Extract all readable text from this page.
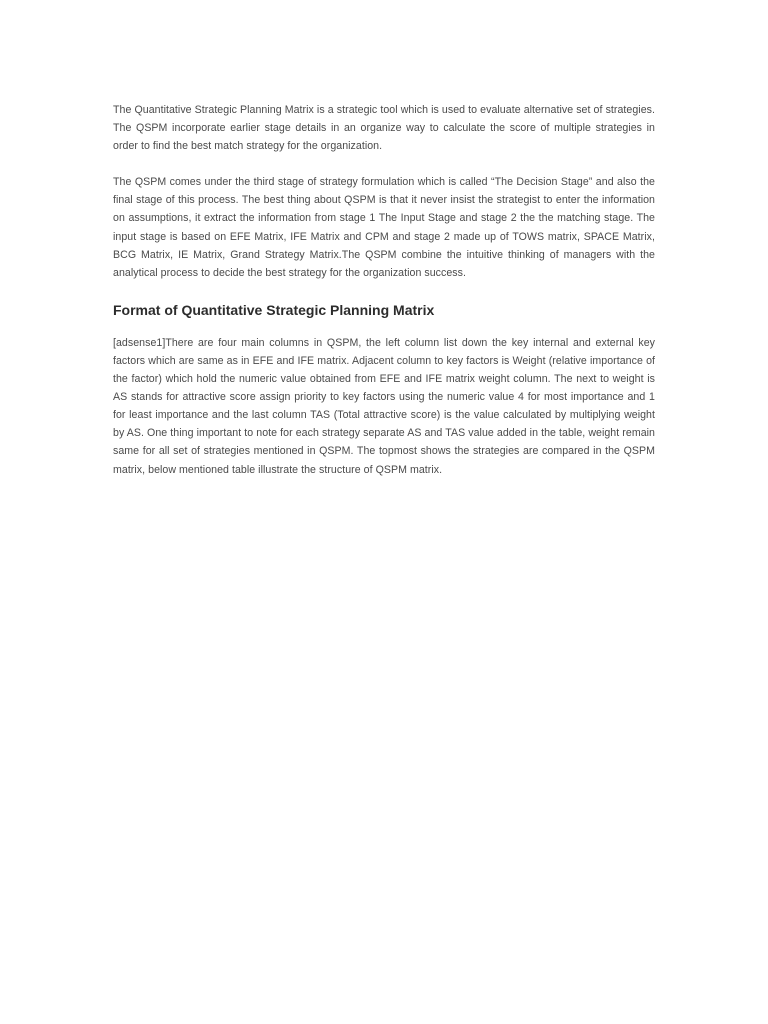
The Quantitative Strategic Planning Matrix is a strategic tool which is used to evaluate alternative set of strategies. The QSPM incorporate earlier stage details in an organize way to calculate the score of multiple strategies in order to find the best match strategy for the organization.

The QSPM comes under the third stage of strategy formulation which is called “The Decision Stage” and also the final stage of this process. The best thing about QSPM is that it never insist the strategist to enter the information on assumptions, it extract the information from stage 1 The Input Stage and stage 2 the the matching stage. The input stage is based on EFE Matrix, IFE Matrix and CPM and stage 2 made up of TOWS matrix, SPACE Matrix, BCG Matrix, IE Matrix, Grand Strategy Matrix.The QSPM combine the intuitive thinking of managers with the analytical process to decide the best strategy for the organization success.

Format of Quantitative Strategic Planning Matrix

[adsense1]There are four main columns in QSPM, the left column list down the key internal and external key factors which are same as in EFE and IFE matrix. Adjacent column to key factors is Weight (relative importance of the factor) which hold the numeric value obtained from EFE and IFE matrix weight column. The next to weight is AS stands for attractive score assign priority to key factors using the numeric value 4 for most importance and 1 for least importance and the last column TAS (Total attractive score) is the value calculated by multiplying weight by AS. One thing important to note for each strategy separate AS and TAS value added in the table, weight remain same for all set of strategies mentioned in QSPM. The topmost shows the strategies are compared in the QSPM matrix, below mentioned table illustrate the structure of QSPM matrix.
